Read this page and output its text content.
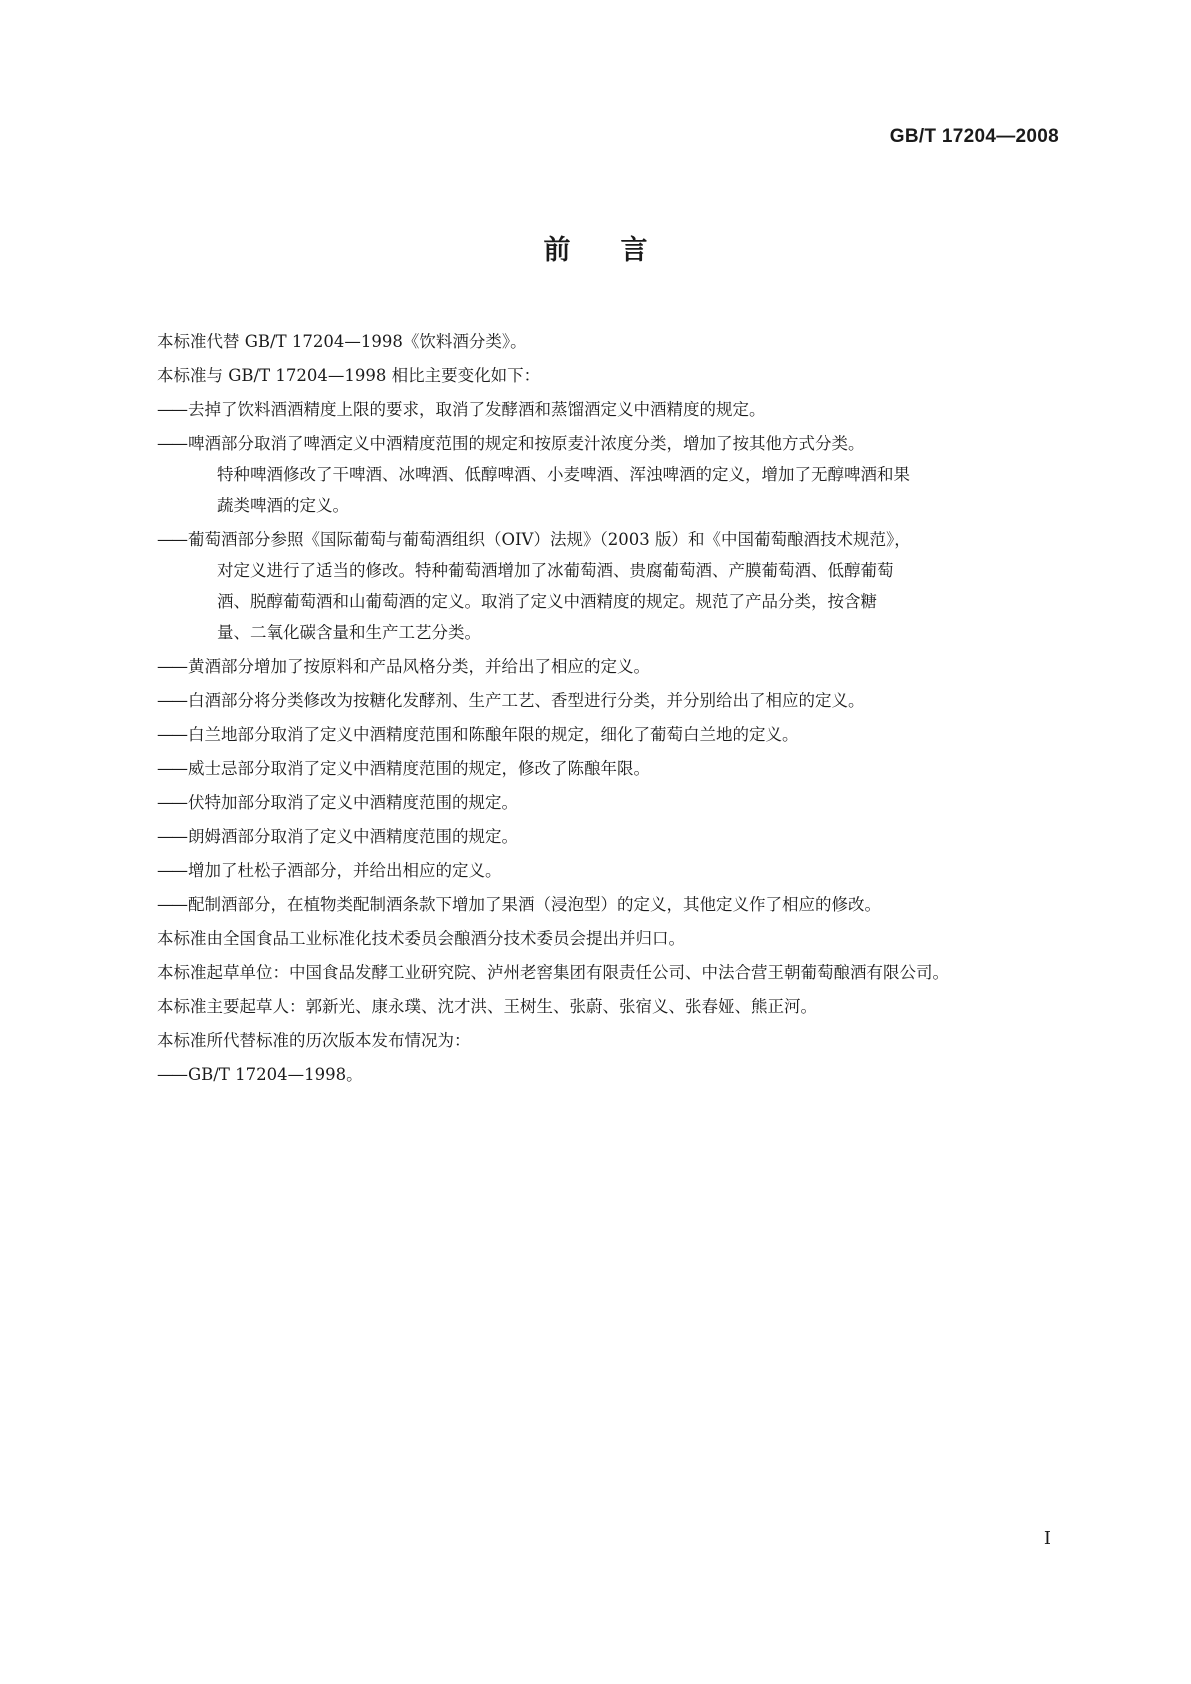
GB/T 17204—2008

前言

本标准代替 GB/T 17204—1998《饮料酒分类》。

本标准与 GB/T 17204—1998 相比主要变化如下：

—— 去掉了饮料酒酒精度上限的要求，取消了发酵酒和蒸馏酒定义中酒精度的规定。
—— 啤酒部分取消了啤酒定义中酒精度范围的规定和按原麦汁浓度分类，增加了按其他方式分类。
特种啤酒修改了干啤酒、冰啤酒、低醇啤酒、小麦啤酒、浑浊啤酒的定义，增加了无醇啤酒和果
蔬类啤酒的定义。
—— 葡萄酒部分参照《国际葡萄与葡萄酒组织（OIV）法规》（2003 版）和《中国葡萄酿酒技术规范》，
对定义进行了适当的修改。特种葡萄酒增加了冰葡萄酒、贵腐葡萄酒、产膜葡萄酒、低醇葡萄
酒、脱醇葡萄酒和山葡萄酒的定义。取消了定义中酒精度的规定。规范了产品分类，按含糖
量、二氧化碳含量和生产工艺分类。
—— 黄酒部分增加了按原料和产品风格分类，并给出了相应的定义。
—— 白酒部分将分类修改为按糖化发酵剂、生产工艺、香型进行分类，并分别给出了相应的定义。
—— 白兰地部分取消了定义中酒精度范围和陈酿年限的规定，细化了葡萄白兰地的定义。
—— 威士忌部分取消了定义中酒精度范围的规定，修改了陈酿年限。
—— 伏特加部分取消了定义中酒精度范围的规定。
—— 朗姆酒部分取消了定义中酒精度范围的规定。
—— 增加了杜松子酒部分，并给出相应的定义。
—— 配制酒部分，在植物类配制酒条款下增加了果酒（浸泡型）的定义，其他定义作了相应的修改。

本标准由全国食品工业标准化技术委员会酿酒分技术委员会提出并归口。

本标准起草单位：中国食品发酵工业研究院、泸州老窖集团有限责任公司、中法合营王朝葡萄酿酒有限公司。

本标准主要起草人：郭新光、康永璞、沈才洪、王树生、张蔚、张宿义、张春娅、熊正河。

本标准所代替标准的历次版本发布情况为：

—— GB/T 17204—1998。

I
